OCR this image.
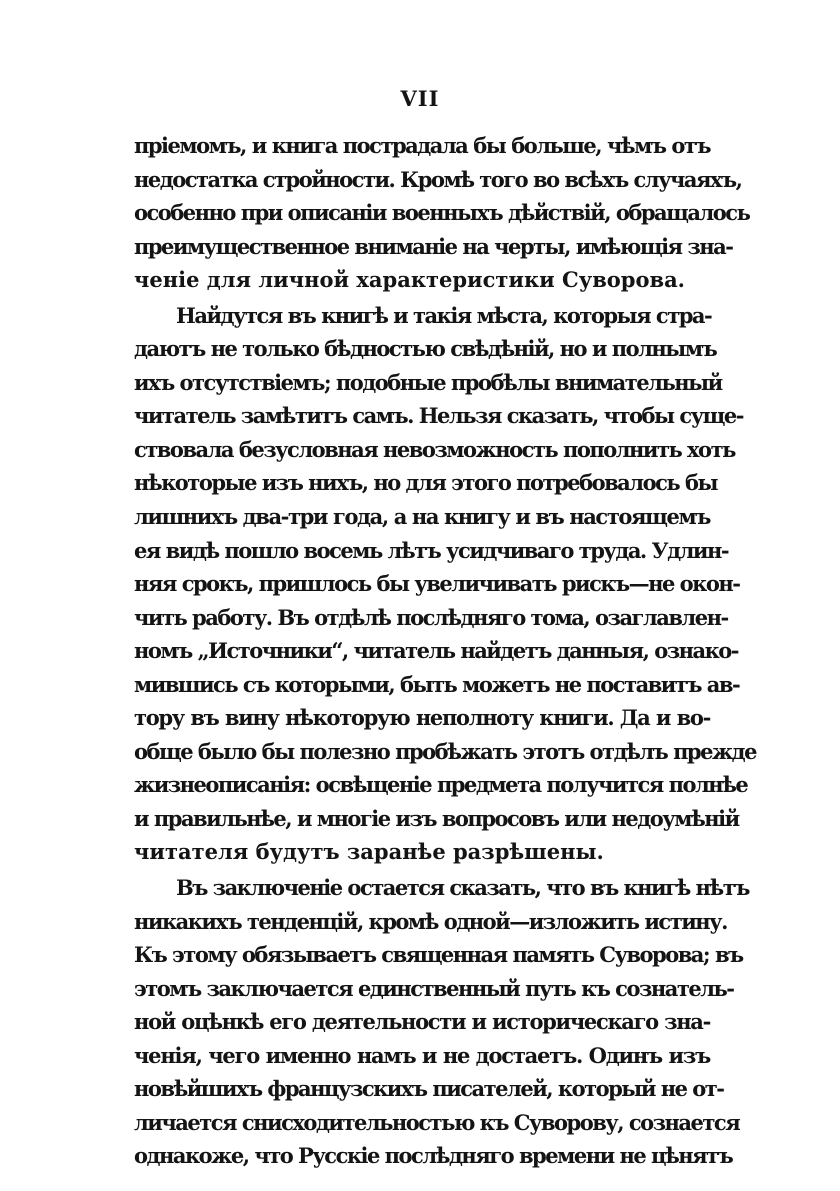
VII
пріемомъ, и книга пострадала бы больше, чѣмъ отъ
недостатка стройности. Кромѣ того во всѣхъ случаяхъ,
особенно при описаніи военныхъ дѣйствій, обращалось
преимущественное вниманіе на черты, имѣющія зна-
ченіе для личной характеристики Суворова.
Найдутся въ книгѣ и такія мѣста, которыя стра-
даютъ не только бѣдностью свѣдѣній, но и полнымъ
ихъ отсутствіемъ; подобные пробѣлы внимательный
читатель замѣтитъ самъ. Нельзя сказать, чтобы суще-
ствовала безусловная невозможность пополнить хоть
нѣкоторые изъ нихъ, но для этого потребовалось бы
лишнихъ два-три года, а на книгу и въ настоящемъ
ея видѣ пошло восемь лѣтъ усидчиваго труда. Удлин-
няя срокъ, пришлось бы увеличивать рискъ—не окон-
чить работу. Въ отдѣлѣ послѣдняго тома, озаглавлен-
номъ „Источники“, читатель найдетъ данныя, ознако-
мившись съ которыми, быть можетъ не поставитъ ав-
тору въ вину нѣкоторую неполноту книги. Да и во-
обще было бы полезно пробѣжать этотъ отдѣлъ прежде
жизнеописанія: освѣщеніе предмета получится полнѣе
и правильнѣе, и многіе изъ вопросовъ или недоумѣній
читателя будутъ заранѣе разрѣшены.
Въ заключеніе остается сказать, что въ книгѣ нѣтъ
никакихъ тенденцій, кромѣ одной—изложить истину.
Къ этому обязываетъ священная память Суворова; въ
этомъ заключается единственный путь къ сознатель-
ной оцѣнкѣ его деятельности и историческаго зна-
ченія, чего именно намъ и не достаетъ. Одинъ изъ
новѣйшихъ французскихъ писателей, который не от-
личается снисходительностью къ Суворову, сознается
однакоже, что Русскіе послѣдняго времени не цѣнятъ
